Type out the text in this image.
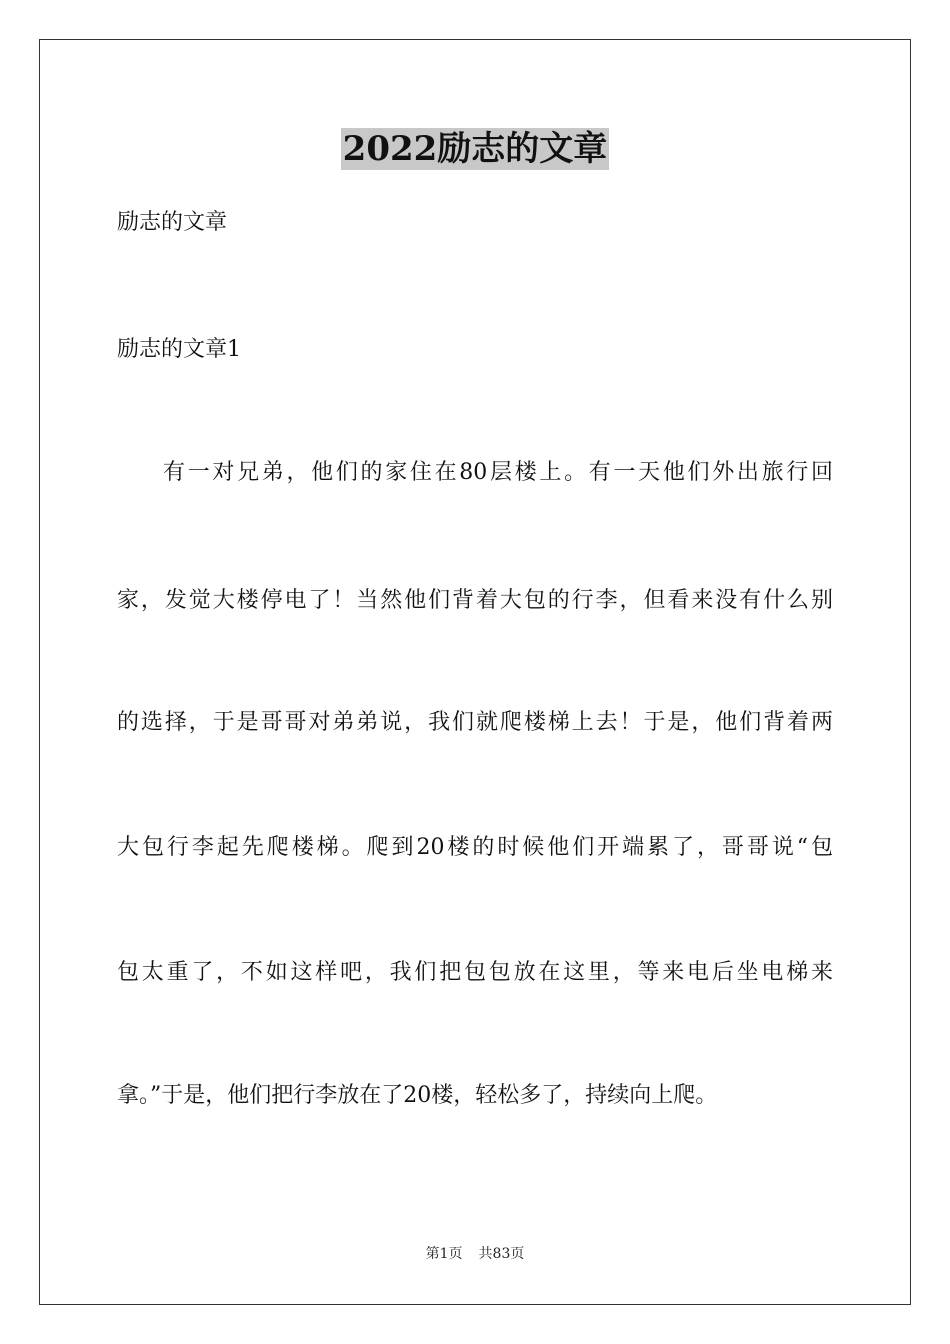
2022励志的文章
励志的文章
励志的文章1
有一对兄弟，他们的家住在80层楼上。有一天他们外出旅行回
家，发觉大楼停电了！当然他们背着大包的行李，但看来没有什么别
的选择，于是哥哥对弟弟说，我们就爬楼梯上去！于是，他们背着两
大包行李起先爬楼梯。爬到20楼的时候他们开端累了，哥哥说“包
包太重了，不如这样吧，我们把包包放在这里，等来电后坐电梯来
拿。”于是，他们把行李放在了20楼，轻松多了，持续向上爬。
第1页 共83页
